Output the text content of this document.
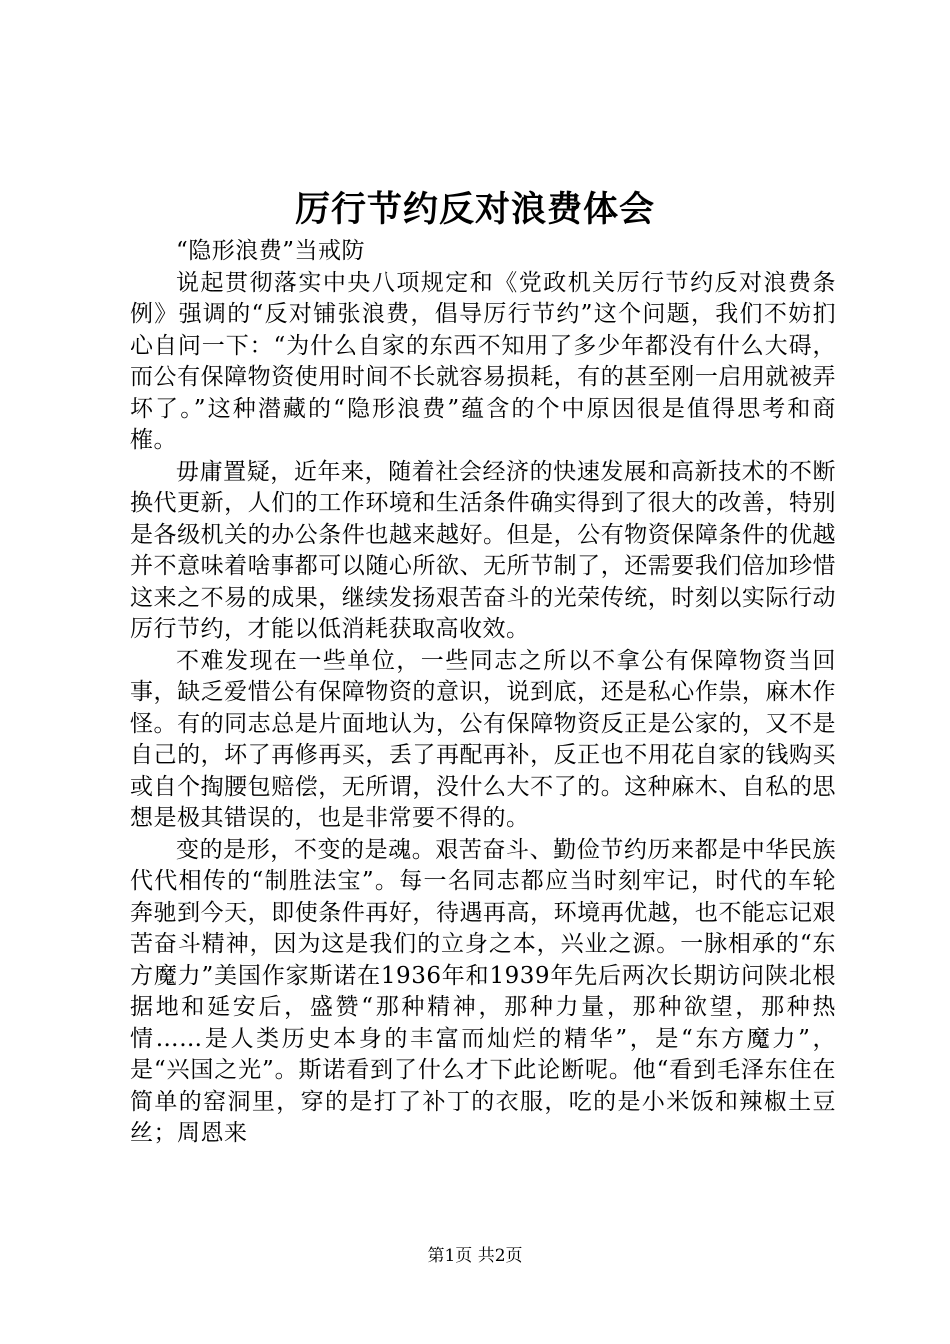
厉行节约反对浪费体会

“隐形浪费”当戒防

说起贯彻落实中央八项规定和《党政机关厉行节约反对浪费条例》强调的“反对铺张浪费，倡导厉行节约”这个问题，我们不妨扪心自问一下：“为什么自家的东西不知用了多少年都没有什么大碍，而公有保障物资使用时间不长就容易损耗，有的甚至刚一启用就被弄坏了。”这种潜藏的“隐形浪费”蕴含的个中原因很是值得思考和商榷。

毋庸置疑，近年来，随着社会经济的快速发展和高新技术的不断换代更新，人们的工作环境和生活条件确实得到了很大的改善，特别是各级机关的办公条件也越来越好。但是，公有物资保障条件的优越并不意味着啥事都可以随心所欲、无所节制了，还需要我们倍加珍惜这来之不易的成果，继续发扬艰苦奋斗的光荣传统，时刻以实际行动厉行节约，才能以低消耗获取高收效。

不难发现在一些单位，一些同志之所以不拿公有保障物资当回事，缺乏爱惜公有保障物资的意识，说到底，还是私心作祟，麻木作怪。有的同志总是片面地认为，公有保障物资反正是公家的，又不是自己的，坏了再修再买，丢了再配再补，反正也不用花自家的钱购买或自个掏腰包赔偿，无所谓，没什么大不了的。这种麻木、自私的思想是极其错误的，也是非常要不得的。

变的是形，不变的是魂。艰苦奋斗、勤俭节约历来都是中华民族代代相传的“制胜法宝”。每一名同志都应当时刻牢记，时代的车轮奔驰到今天，即使条件再好，待遇再高，环境再优越，也不能忘记艰苦奋斗精神，因为这是我们的立身之本，兴业之源。一脉相承的“东方魔力”美国作家斯诺在1936年和1939年先后两次长期访问陕北根据地和延安后，盛赞“那种精神，那种力量，那种欲望，那种热情……是人类历史本身的丰富而灿烂的精华”，是“东方魔力”，是“兴国之光”。斯诺看到了什么才下此论断呢。他“看到毛泽东住在简单的窑洞里，穿的是打了补丁的衣服，吃的是小米饭和辣椒土豆丝；周恩来

第1页 共2页
